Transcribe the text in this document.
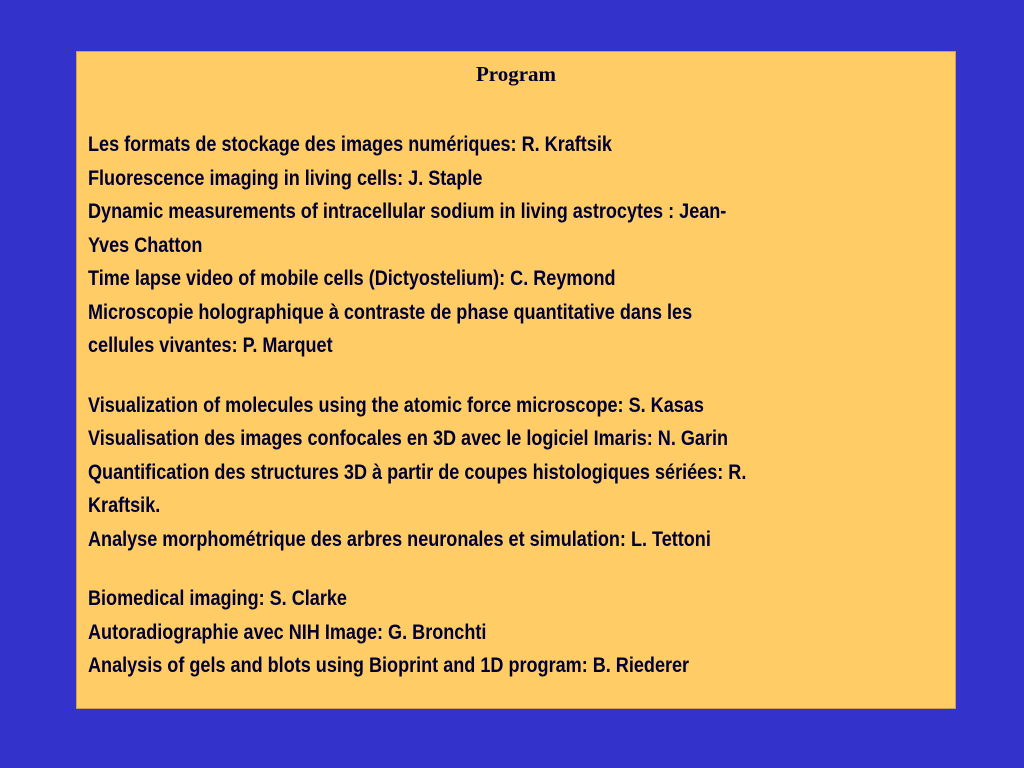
Program
Les formats de stockage des images numériques: R. Kraftsik
Fluorescence imaging in living cells: J. Staple
Dynamic measurements of intracellular sodium in living astrocytes : Jean-
Yves Chatton
Time lapse video of mobile cells (Dictyostelium): C. Reymond
Microscopie holographique à contraste de phase quantitative dans les
cellules vivantes: P. Marquet
Visualization of molecules using the atomic force microscope: S. Kasas
Visualisation des images confocales en 3D avec le logiciel Imaris: N. Garin
Quantification des structures 3D à partir de coupes histologiques sériées: R.
Kraftsik.
Analyse morphométrique des arbres neuronales et simulation: L. Tettoni
Biomedical imaging: S. Clarke
Autoradiographie avec NIH Image: G. Bronchti
Analysis of gels and blots using Bioprint and 1D program: B. Riederer
